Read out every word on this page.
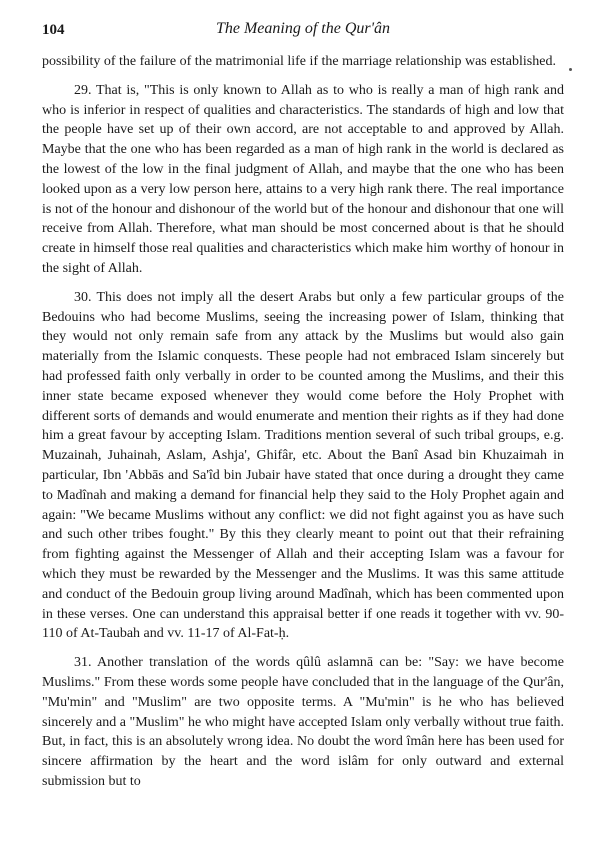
104	The Meaning of the Qur'ân

possibility of the failure of the matrimonial life if the marriage relationship was established.

29. That is, "This is only known to Allah as to who is really a man of high rank and who is inferior in respect of qualities and characteristics. The standards of high and low that the people have set up of their own accord, are not acceptable to and approved by Allah. Maybe that the one who has been regarded as a man of high rank in the world is declared as the lowest of the low in the final judgment of Allah, and maybe that the one who has been looked upon as a very low person here, attains to a very high rank there. The real importance is not of the honour and dishonour of the world but of the honour and dishonour that one will receive from Allah. Therefore, what man should be most concerned about is that he should create in himself those real qualities and characteristics which make him worthy of honour in the sight of Allah.

30. This does not imply all the desert Arabs but only a few particular groups of the Bedouins who had become Muslims, seeing the increasing power of Islam, thinking that they would not only remain safe from any attack by the Muslims but would also gain materially from the Islamic conquests. These people had not embraced Islam sincerely but had professed faith only verbally in order to be counted among the Muslims, and their this inner state became exposed whenever they would come before the Holy Prophet with different sorts of demands and would enumerate and mention their rights as if they had done him a great favour by accepting Islam. Traditions mention several of such tribal groups, e.g. Muzainah, Juhainah, Aslam, Ashja', Ghifâr, etc. About the Banî Asad bin Khuzaimah in particular, Ibn 'Abbās and Sa'îd bin Jubair have stated that once during a drought they came to Madînah and making a demand for financial help they said to the Holy Prophet again and again: "We became Muslims without any conflict: we did not fight against you as have such and such other tribes fought." By this they clearly meant to point out that their refraining from fighting against the Messenger of Allah and their accepting Islam was a favour for which they must be rewarded by the Messenger and the Muslims. It was this same attitude and conduct of the Bedouin group living around Madînah, which has been commented upon in these verses. One can understand this appraisal better if one reads it together with vv. 90-110 of At-Taubah and vv. 11-17 of Al-Fat-ḥ.

31. Another translation of the words qûlû aslamnā can be: "Say: we have become Muslims." From these words some people have concluded that in the language of the Qur'ân, "Mu'min" and "Muslim" are two opposite terms. A "Mu'min" is he who has believed sincerely and a "Muslim" he who might have accepted Islam only verbally without true faith. But, in fact, this is an absolutely wrong idea. No doubt the word îmân here has been used for sincere affirmation by the heart and the word islâm for only outward and external submission but to
